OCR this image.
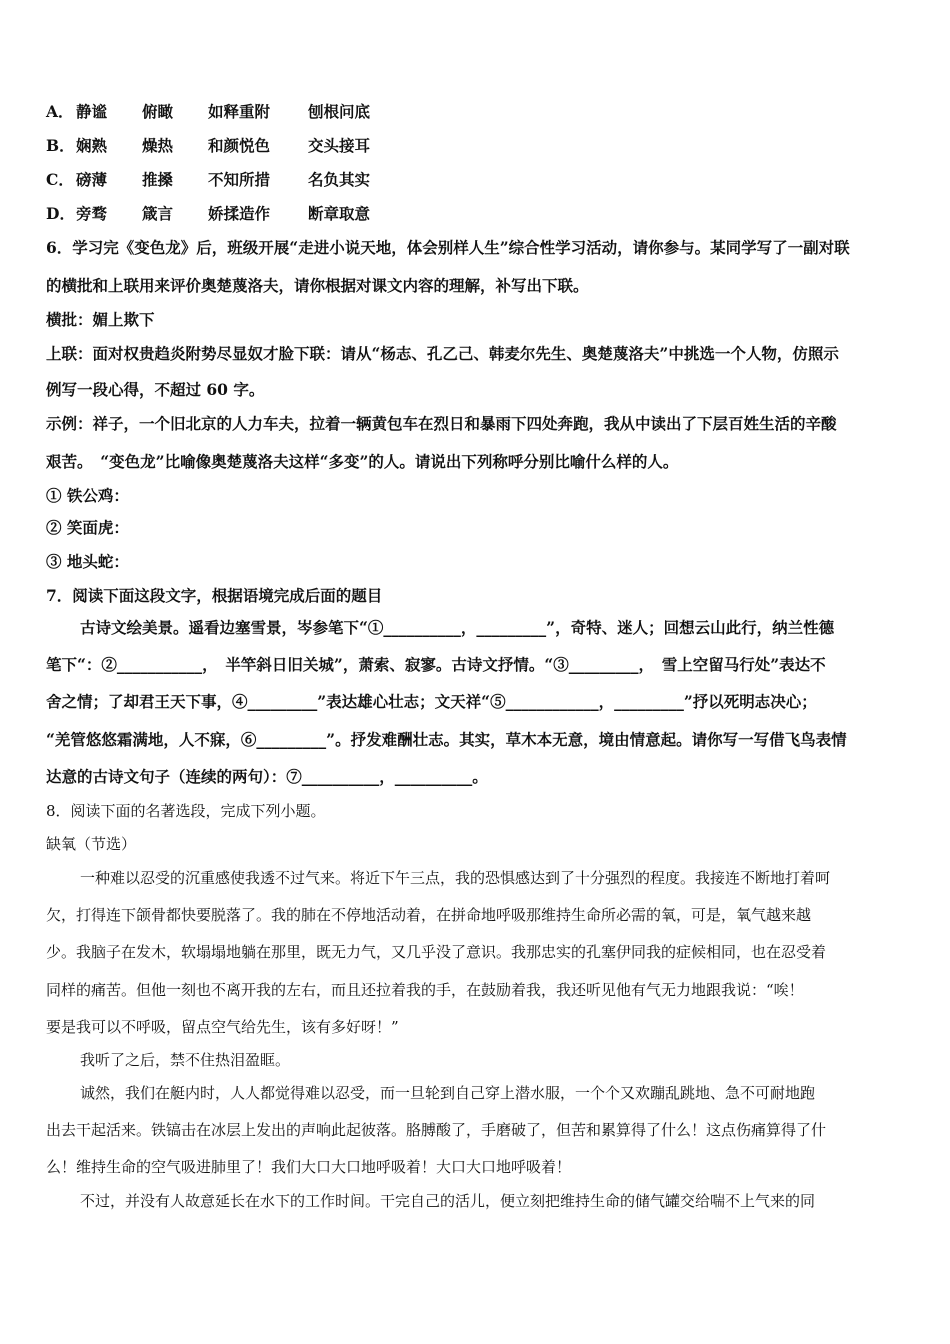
A． 静谧 俯瞰 如释重附 刨根问底
B．娴熟 燥热 和颜悦色 交头接耳
C． 磅薄 推搡 不知所措 名负其实
D．旁骛 箴言 娇揉造作 断章取意
6．学习完《变色龙》后，班级开展“走进小说天地，体会别样人生”综合性学习活动，请你参与。某同学写了一副对联
的横批和上联用来评价奥楚蔑洛夫，请你根据对课文内容的理解，补写出下联。
横批：媚上欺下
上联：面对权贵趋炎附势尽显奴才脸下联：请从“杨志、孔乙己、韩麦尔先生、奥楚蔑洛夫”中挑选一个人物，仿照示
例写一段心得，不超过 60 字。
示例：祥子，一个旧北京的人力车夫，拉着一辆黄包车在烈日和暴雨下四处奔跑，我从中读出了下层百姓生活的辛酸
艰苦。　“变色龙”比喻像奥楚蔑洛夫这样“多变”的人。请说出下列称呼分别比喻什么样的人。
① 铁公鸡：
② 笑面虎：
③ 地头蛇：
7．阅读下面这段文字，根据语境完成后面的题目
古诗文绘美景。遥看边塞雪景，岑参笔下“①__________，_________”，奇特、迷人；回想云山此行，纳兰性德
笔下“：②___________，　半竿斜日旧关城”，萧索、寂寥。古诗文抒情。“③_________，　雪上空留马行处”表达不
舍之情；了却君王天下事，④_________”表达雄心壮志；文天祥“⑤____________，_________”抒以死明志决心；
“羌管悠悠霜满地，人不寐，⑥_________”。抒发难酬壮志。其实，草木本无意，境由情意起。请你写一写借飞鸟表情
达意的古诗文句子（连续的两句）：⑦__________，__________。
8．阅读下面的名著选段，完成下列小题。
缺氧（节选）
一种难以忍受的沉重感使我透不过气来。将近下午三点，我的恐惧感达到了十分强烈的程度。我接连不断地打着呵
欠，打得连下颌骨都快要脱落了。我的肺在不停地活动着，在拼命地呼吸那维持生命所必需的氧，可是，氧气越来越
少。我脑子在发木，软塌塌地躺在那里，既无力气，又几乎没了意识。我那忠实的孔塞伊同我的症候相同，也在忍受着
同样的痛苦。但他一刻也不离开我的左右，而且还拉着我的手，在鼓励着我，我还听见他有气无力地跟我说：“唉！
要是我可以不呼吸，留点空气给先生，该有多好呀！”
我听了之后，禁不住热泪盈眶。
诚然，我们在艇内时，人人都觉得难以忍受，而一旦轮到自己穿上潜水服，一个个又欢蹦乱跳地、急不可耐地跑
出去干起活来。铁镐击在冰层上发出的声响此起彼落。胳膊酸了，手磨破了，但苦和累算得了什么！这点伤痛算得了什
么！维持生命的空气吸进肺里了！我们大口大口地呼吸着！大口大口地呼吸着！
不过，并没有人故意延长在水下的工作时间。干完自己的活儿，便立刻把维持生命的储气罐交给喘不上气来的同
